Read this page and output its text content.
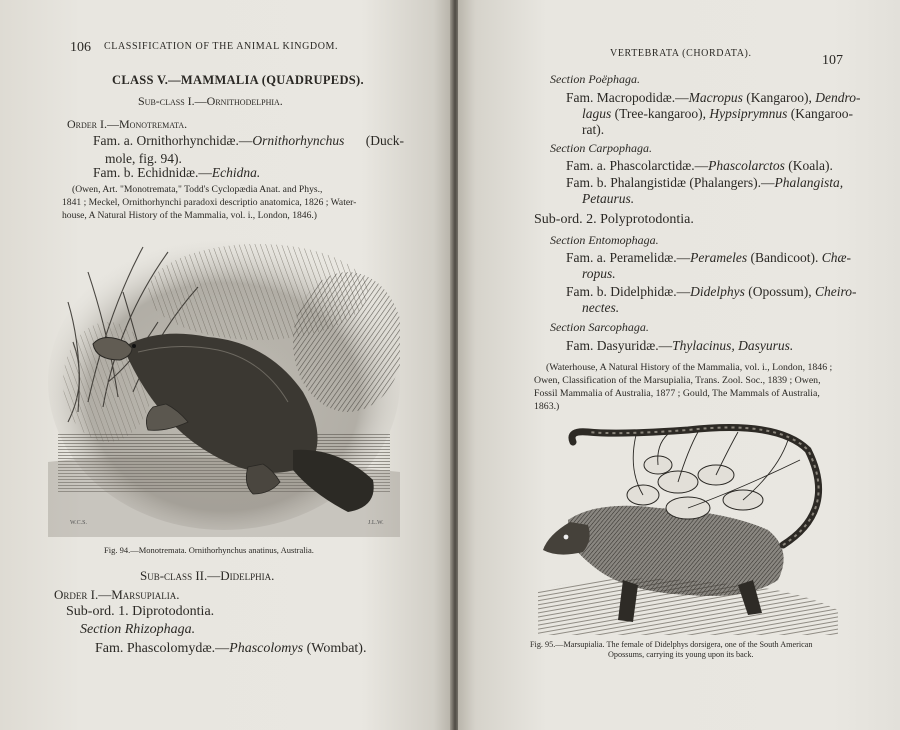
106 CLASSIFICATION OF THE ANIMAL KINGDOM.
CLASS V.—MAMMALIA (QUADRUPEDS).
Sub-class I.—Ornithodelphia.
Order I.—Monotremata.
Fam. a. Ornithorhynchidæ.—Ornithorhynchus (Duck-
mole, fig. 94).
Fam. b. Echidnidæ.—Echidna.
(Owen, Art. "Monotremata," Todd's Cyclopædia Anat. and Phys.,
1841 ; Meckel, Ornithorhynchi paradoxi descriptio anatomica, 1826 ; Water-
house, A Natural History of the Mammalia, vol. i., London, 1846.)
W.C.S.	J.L.W.
Fig. 94.—Monotremata. Ornithorhynchus anatinus, Australia.
Sub-class II.—Didelphia.
Order I.—Marsupialia.
Sub-ord. 1. Diprotodontia.
Section Rhizophaga.
Fam. Phascolomydæ.—Phascolomys (Wombat).
VERTEBRATA (CHORDATA).	107
Section Poëphaga.
Fam. Macropodidæ.—Macropus (Kangaroo), Dendro-
lagus (Tree-kangaroo), Hypsiprymnus (Kangaroo-
rat).
Section Carpophaga.
Fam. a. Phascolarctidæ.—Phascolarctos (Koala).
Fam. b. Phalangistidæ (Phalangers).—Phalangista,
Petaurus.
Sub-ord. 2. Polyprotodontia.
Section Entomophaga.
Fam. a. Peramelidæ.—Perameles (Bandicoot). Chæ-
ropus.
Fam. b. Didelphidæ.—Didelphys (Opossum), Cheiro-
nectes.
Section Sarcophaga.
Fam. Dasyuridæ.—Thylacinus, Dasyurus.
(Waterhouse, A Natural History of the Mammalia, vol. i., London, 1846 ;
Owen, Classification of the Marsupialia, Trans. Zool. Soc., 1839 ; Owen,
Fossil Mammalia of Australia, 1877 ; Gould, The Mammals of Australia,
1863.)
Fig. 95.—Marsupialia. The female of Didelphys dorsigera, one of the South American
Opossums, carrying its young upon its back.
